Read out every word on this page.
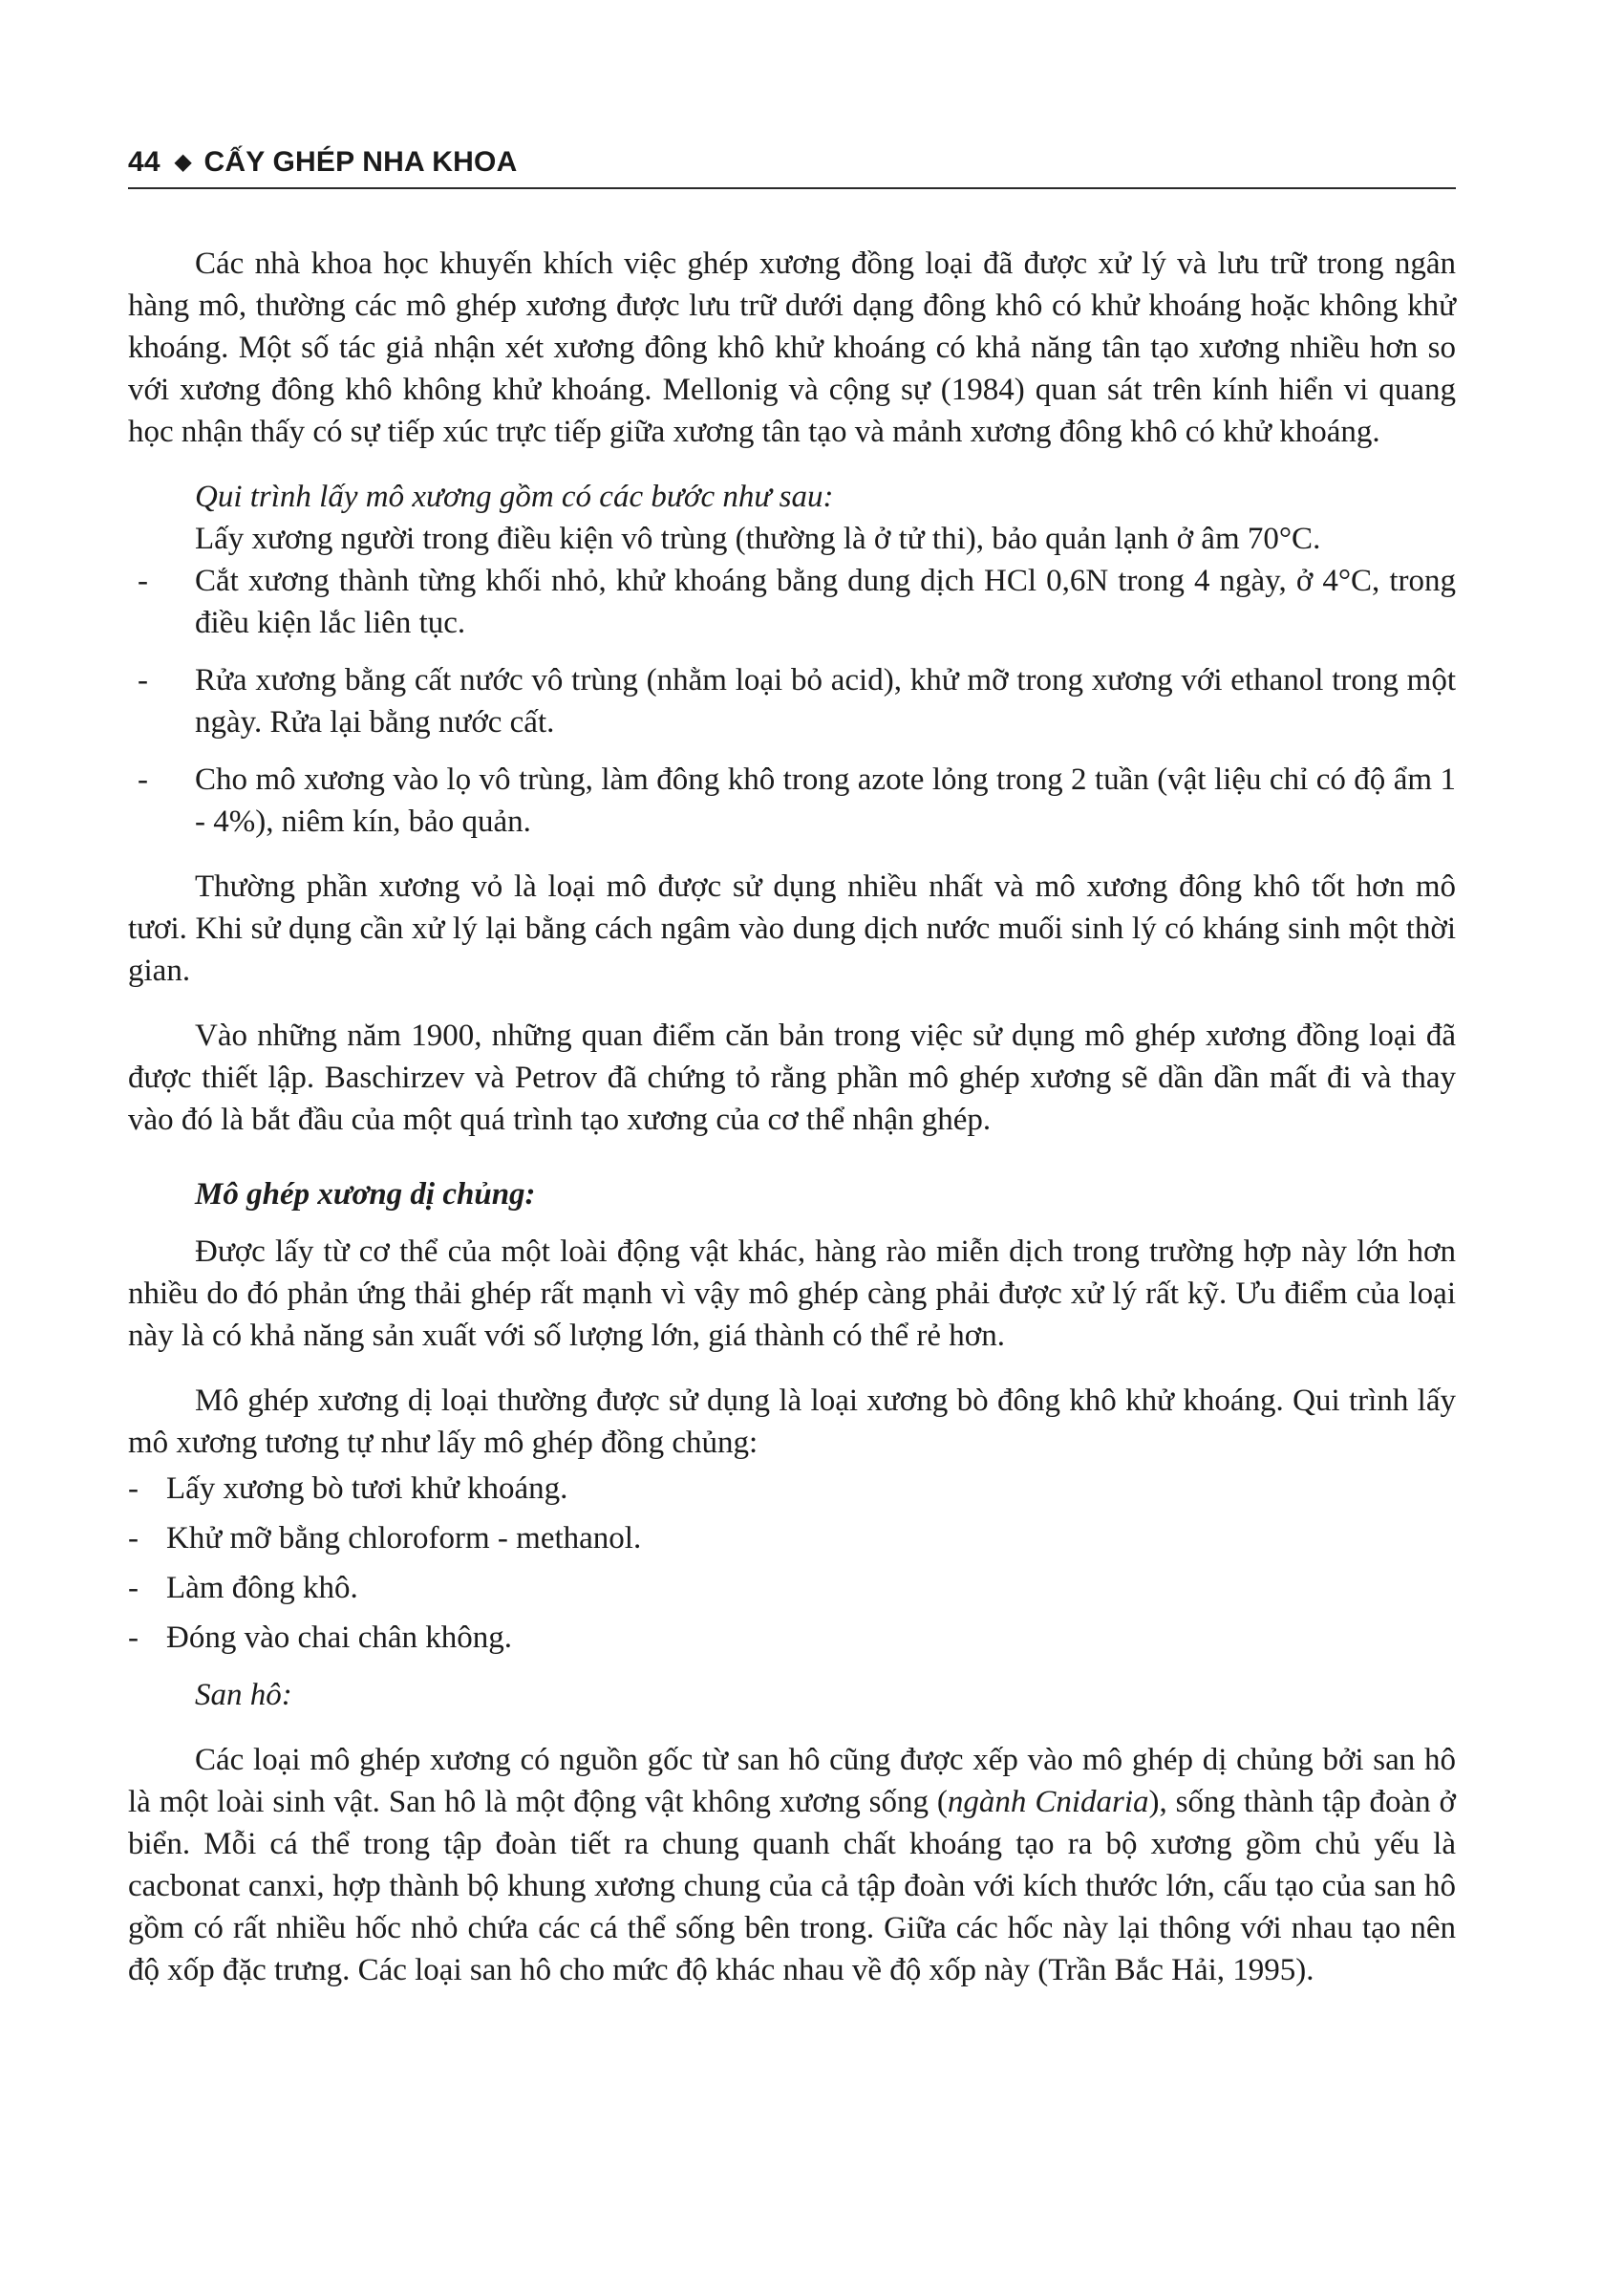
44 ◆ CẤY GHÉP NHA KHOA

Các nhà khoa học khuyến khích việc ghép xương đồng loại đã được xử lý và lưu trữ trong ngân hàng mô, thường các mô ghép xương được lưu trữ dưới dạng đông khô có khử khoáng hoặc không khử khoáng. Một số tác giả nhận xét xương đông khô khử khoáng có khả năng tân tạo xương nhiều hơn so với xương đông khô không khử khoáng. Mellonig và cộng sự (1984) quan sát trên kính hiển vi quang học nhận thấy có sự tiếp xúc trực tiếp giữa xương tân tạo và mảnh xương đông khô có khử khoáng.

Qui trình lấy mô xương gồm có các bước như sau:

Lấy xương người trong điều kiện vô trùng (thường là ở tử thi), bảo quản lạnh ở âm 70°C.

-	Cắt xương thành từng khối nhỏ, khử khoáng bằng dung dịch HCl 0,6N trong 4 ngày, ở 4°C, trong điều kiện lắc liên tục.
-	Rửa xương bằng cất nước vô trùng (nhằm loại bỏ acid), khử mỡ trong xương với ethanol trong một ngày. Rửa lại bằng nước cất.
-	Cho mô xương vào lọ vô trùng, làm đông khô trong azote lỏng trong 2 tuần (vật liệu chỉ có độ ẩm 1 - 4%), niêm kín, bảo quản.

Thường phần xương vỏ là loại mô được sử dụng nhiều nhất và mô xương đông khô tốt hơn mô tươi. Khi sử dụng cần xử lý lại bằng cách ngâm vào dung dịch nước muối sinh lý có kháng sinh một thời gian.

Vào những năm 1900, những quan điểm căn bản trong việc sử dụng mô ghép xương đồng loại đã được thiết lập. Baschirzev và Petrov đã chứng tỏ rằng phần mô ghép xương sẽ dần dần mất đi và thay vào đó là bắt đầu của một quá trình tạo xương của cơ thể nhận ghép.

Mô ghép xương dị chủng:

Được lấy từ cơ thể của một loài động vật khác, hàng rào miễn dịch trong trường hợp này lớn hơn nhiều do đó phản ứng thải ghép rất mạnh vì vậy mô ghép càng phải được xử lý rất kỹ. Ưu điểm của loại này là có khả năng sản xuất với số lượng lớn, giá thành có thể rẻ hơn.

Mô ghép xương dị loại thường được sử dụng là loại xương bò đông khô khử khoáng. Qui trình lấy mô xương tương tự như lấy mô ghép đồng chủng:

- Lấy xương bò tươi khử khoáng.
- Khử mỡ bằng chloroform - methanol.
- Làm đông khô.
- Đóng vào chai chân không.

San hô:

Các loại mô ghép xương có nguồn gốc từ san hô cũng được xếp vào mô ghép dị chủng bởi san hô là một loài sinh vật. San hô là một động vật không xương sống (ngành Cnidaria), sống thành tập đoàn ở biển. Mỗi cá thể trong tập đoàn tiết ra chung quanh chất khoáng tạo ra bộ xương gồm chủ yếu là cacbonat canxi, hợp thành bộ khung xương chung của cả tập đoàn với kích thước lớn, cấu tạo của san hô gồm có rất nhiều hốc nhỏ chứa các cá thể sống bên trong. Giữa các hốc này lại thông với nhau tạo nên độ xốp đặc trưng. Các loại san hô cho mức độ khác nhau về độ xốp này (Trần Bắc Hải, 1995).
